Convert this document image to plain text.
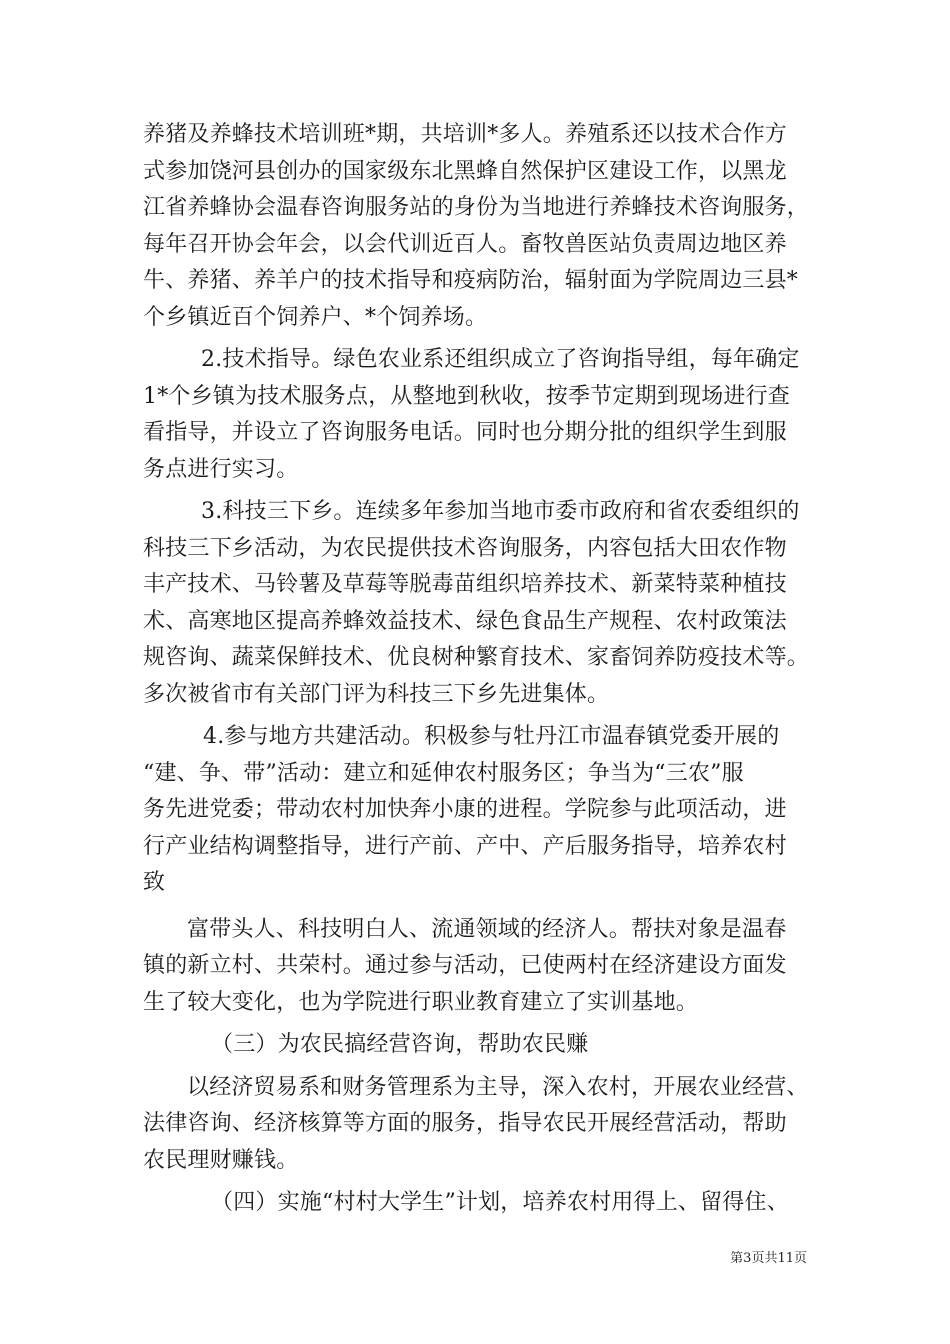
养猪及养蜂技术培训班*期，共培训*多人。养殖系还以技术合作方
式参加饶河县创办的国家级东北黑蜂自然保护区建设工作，以黑龙
江省养蜂协会温春咨询服务站的身份为当地进行养蜂技术咨询服务，
每年召开协会年会，以会代训近百人。畜牧兽医站负责周边地区养
牛、养猪、养羊户的技术指导和疫病防治，辐射面为学院周边三县*
个乡镇近百个饲养户、*个饲养场。
2.技术指导。绿色农业系还组织成立了咨询指导组，每年确定
1*个乡镇为技术服务点，从整地到秋收，按季节定期到现场进行查
看指导，并设立了咨询服务电话。同时也分期分批的组织学生到服
务点进行实习。
3.科技三下乡。连续多年参加当地市委市政府和省农委组织的
科技三下乡活动，为农民提供技术咨询服务，内容包括大田农作物
丰产技术、马铃薯及草莓等脱毒苗组织培养技术、新菜特菜种植技
术、高寒地区提高养蜂效益技术、绿色食品生产规程、农村政策法
规咨询、蔬菜保鲜技术、优良树种繁育技术、家畜饲养防疫技术等。
多次被省市有关部门评为科技三下乡先进集体。
4.参与地方共建活动。积极参与牡丹江市温春镇党委开展的
“建、争、带”活动：建立和延伸农村服务区；争当为“三农”服
务先进党委；带动农村加快奔小康的进程。学院参与此项活动，进
行产业结构调整指导，进行产前、产中、产后服务指导，培养农村
致
富带头人、科技明白人、流通领域的经济人。帮扶对象是温春
镇的新立村、共荣村。通过参与活动，已使两村在经济建设方面发
生了较大变化，也为学院进行职业教育建立了实训基地。
（三）为农民搞经营咨询，帮助农民赚
以经济贸易系和财务管理系为主导，深入农村，开展农业经营、
法律咨询、经济核算等方面的服务，指导农民开展经营活动，帮助
农民理财赚钱。
（四）实施“村村大学生”计划，培养农村用得上、留得住、
第3页共11页
